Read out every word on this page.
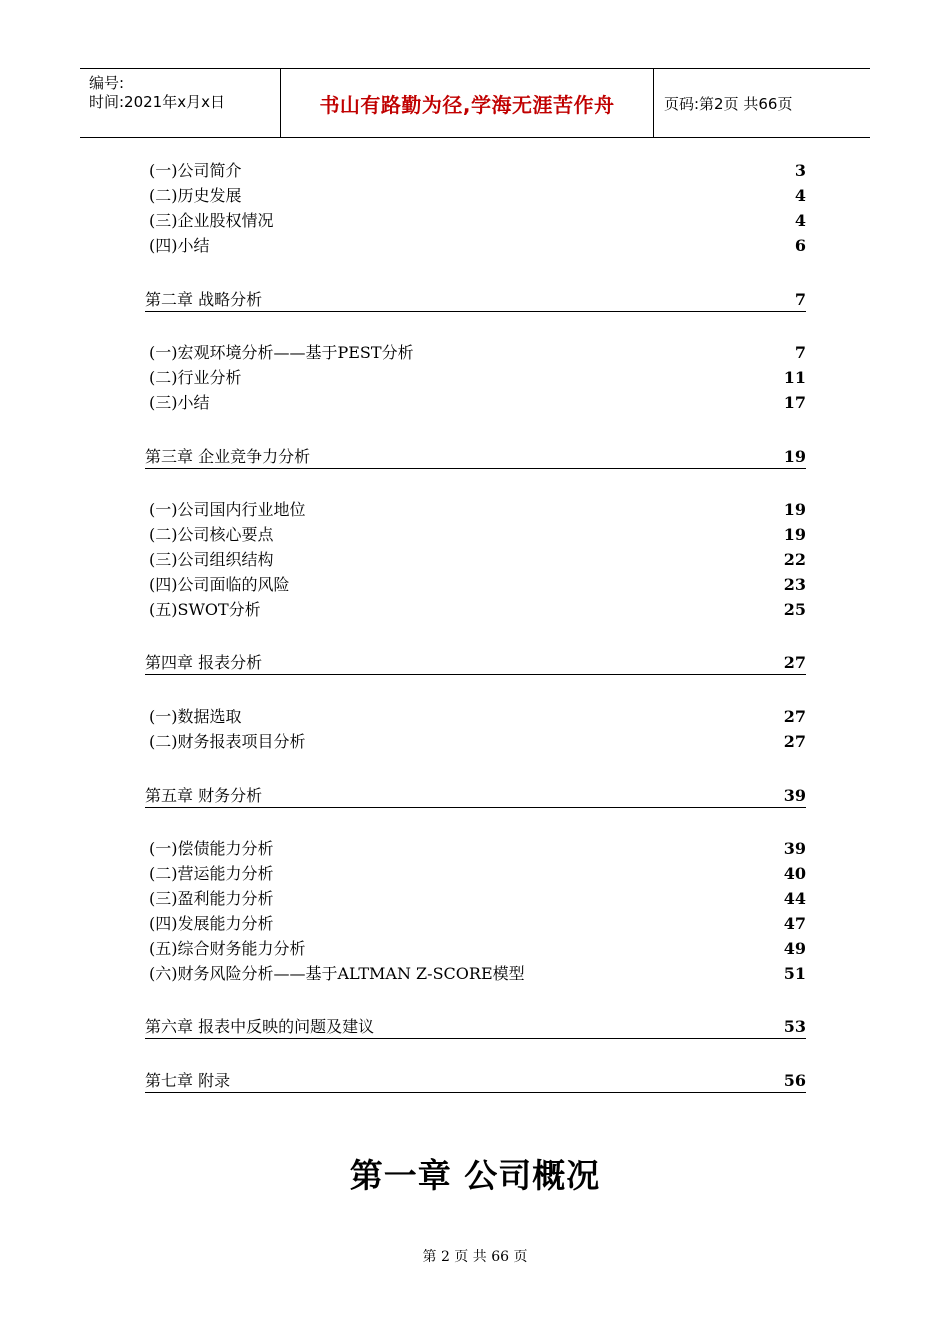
编号:
时间:2021年x月x日	书山有路勤为径,学海无涯苦作舟	页码:第2页 共66页
(一)公司简介	3
(二)历史发展	4
(三)企业股权情况	4
(四)小结	6
第二章 战略分析	7
(一)宏观环境分析——基于PEST分析	7
(二)行业分析	11
(三)小结	17
第三章 企业竞争力分析	19
(一)公司国内行业地位	19
(二)公司核心要点	19
(三)公司组织结构	22
(四)公司面临的风险	23
(五)SWOT分析	25
第四章 报表分析	27
(一)数据选取	27
(二)财务报表项目分析	27
第五章 财务分析	39
(一)偿债能力分析	39
(二)营运能力分析	40
(三)盈利能力分析	44
(四)发展能力分析	47
(五)综合财务能力分析	49
(六)财务风险分析——基于ALTMAN Z-SCORE模型	51
第六章 报表中反映的问题及建议	53
第七章 附录	56
第一章 公司概况
第 2 页 共 66 页
